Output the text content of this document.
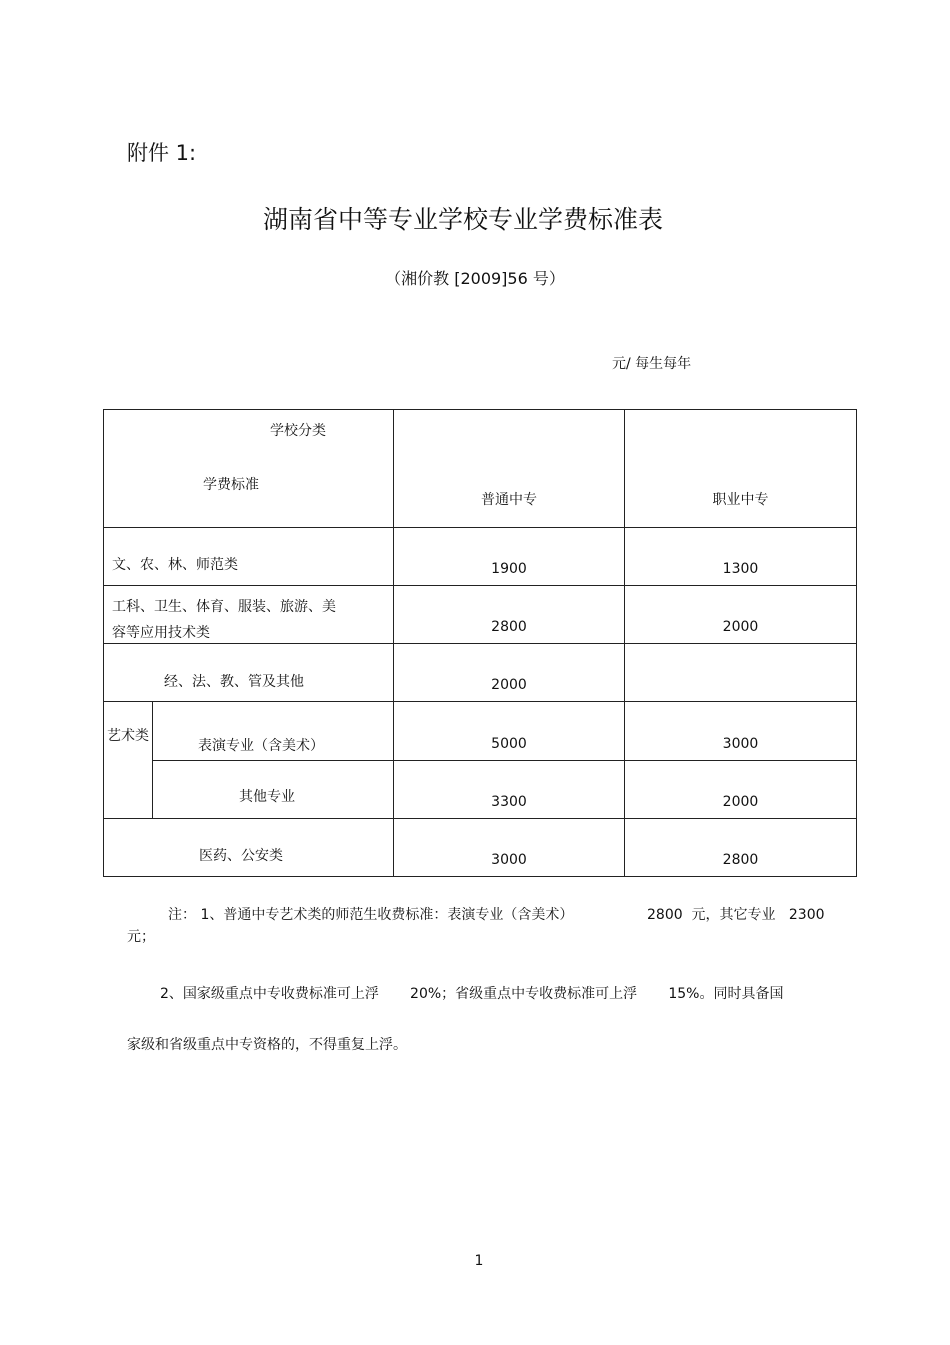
附件 1:
湖南省中等专业学校专业学费标准表
（湘价教 [2009]56 号）
元/ 每生每年
学校分类
学费标准		普通中专	职业中专

文、农、林、师范类		1900	1300

工科、卫生、体育、服装、旅游、美
容等应用技术类		2800	2000

经、法、教、管及其他		2000	

艺术类	表演专业（含美术）	5000	3000

	其他专业	3300	2000

医药、公安类		3000	2800
注： 1、普通中专艺术类的师范生收费标准：表演专业（含美术）	2800  元，其它专业   2300
元；
2、国家级重点中专收费标准可上浮       20%；省级重点中专收费标准可上浮       15%。同时具备国
家级和省级重点中专资格的，不得重复上浮。
1
